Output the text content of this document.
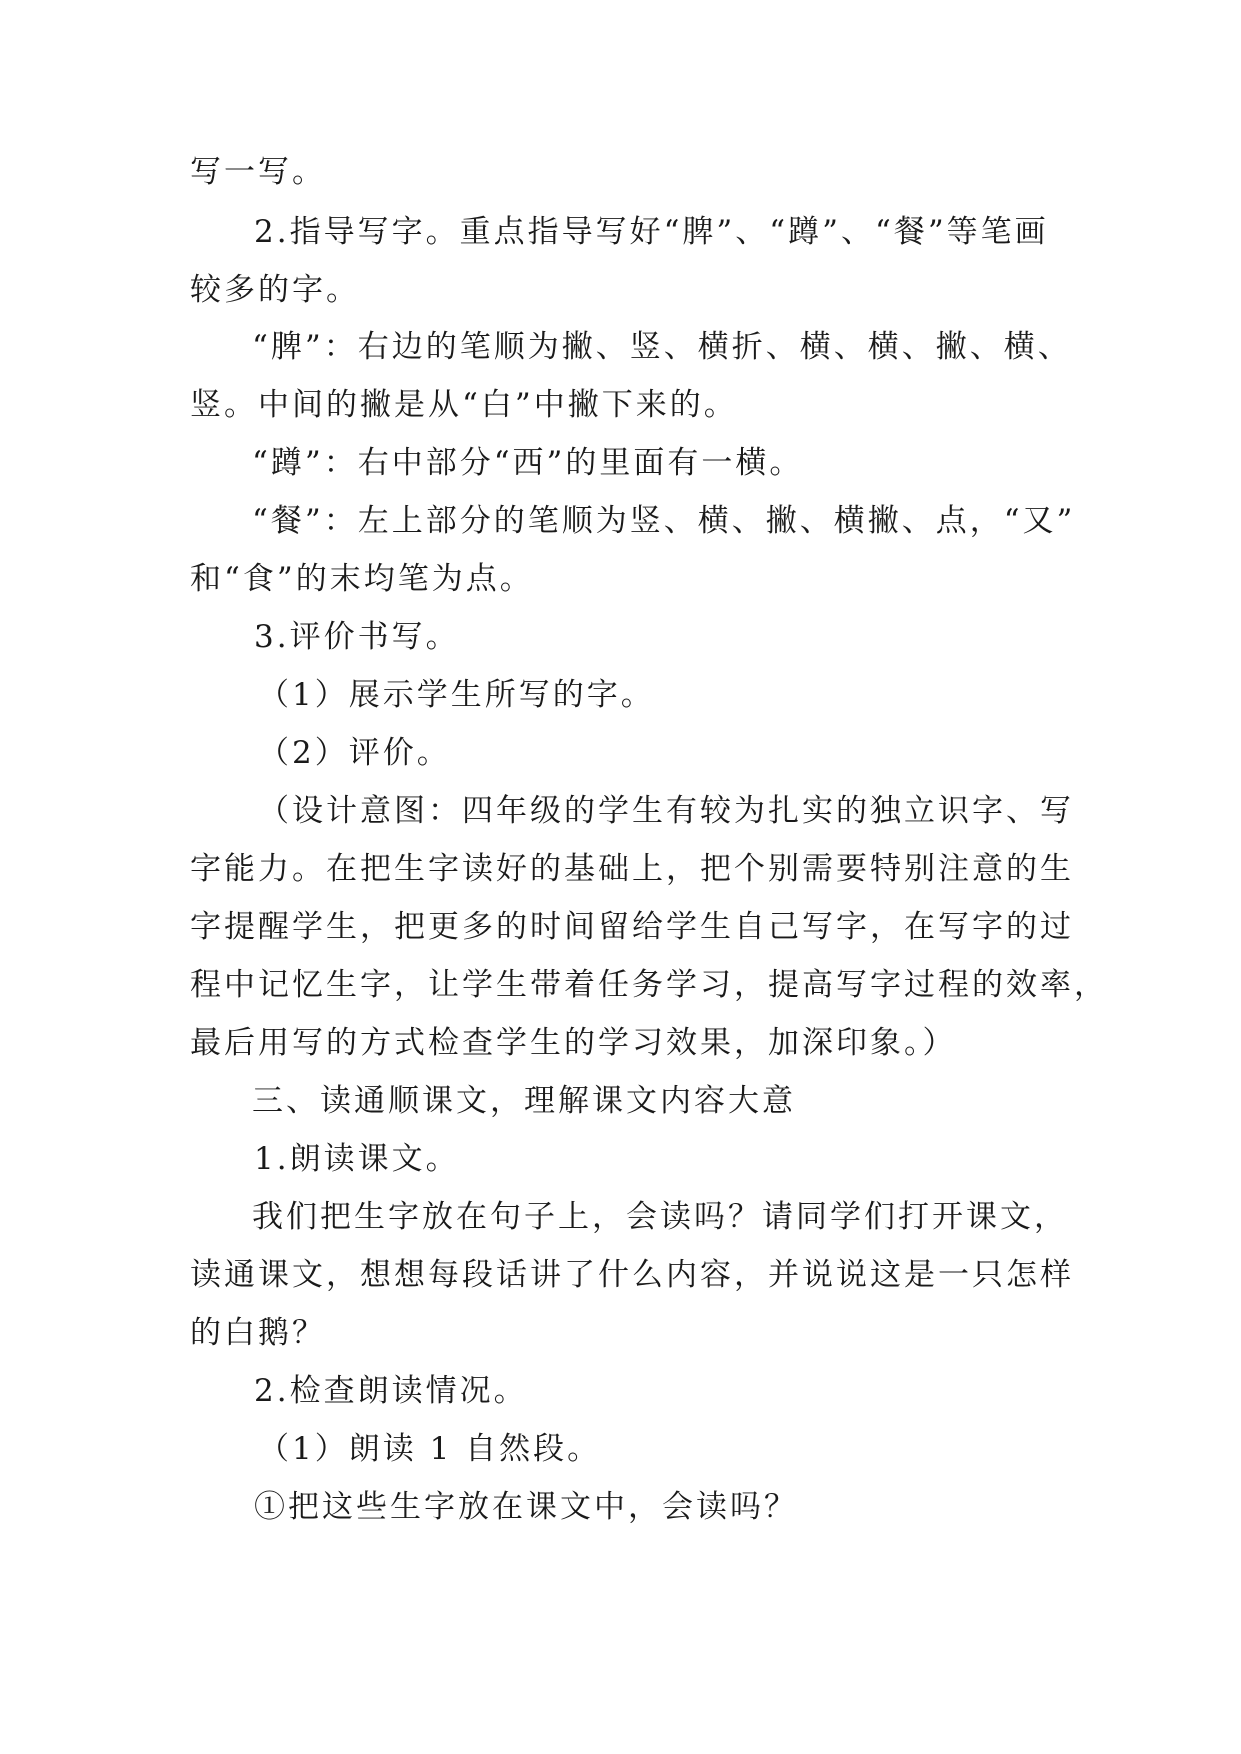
写一写。
2.指导写字。重点指导写好“脾”、“蹲”、“餐”等笔画
较多的字。
“脾”：右边的笔顺为撇、竖、横折、横、横、撇、横、
竖。中间的撇是从“白”中撇下来的。
“蹲”：右中部分“西”的里面有一横。
“餐”：左上部分的笔顺为竖、横、撇、横撇、点，“又”
和“食”的末均笔为点。
3.评价书写。
（1）展示学生所写的字。
（2）评价。
（设计意图：四年级的学生有较为扎实的独立识字、写
字能力。在把生字读好的基础上，把个别需要特别注意的生
字提醒学生，把更多的时间留给学生自己写字，在写字的过
程中记忆生字，让学生带着任务学习，提高写字过程的效率，
最后用写的方式检查学生的学习效果，加深印象。）
三、读通顺课文，理解课文内容大意
1.朗读课文。
我们把生字放在句子上，会读吗？请同学们打开课文，
读通课文，想想每段话讲了什么内容，并说说这是一只怎样
的白鹅？
2.检查朗读情况。
（1）朗读 1 自然段。
①把这些生字放在课文中，会读吗？
